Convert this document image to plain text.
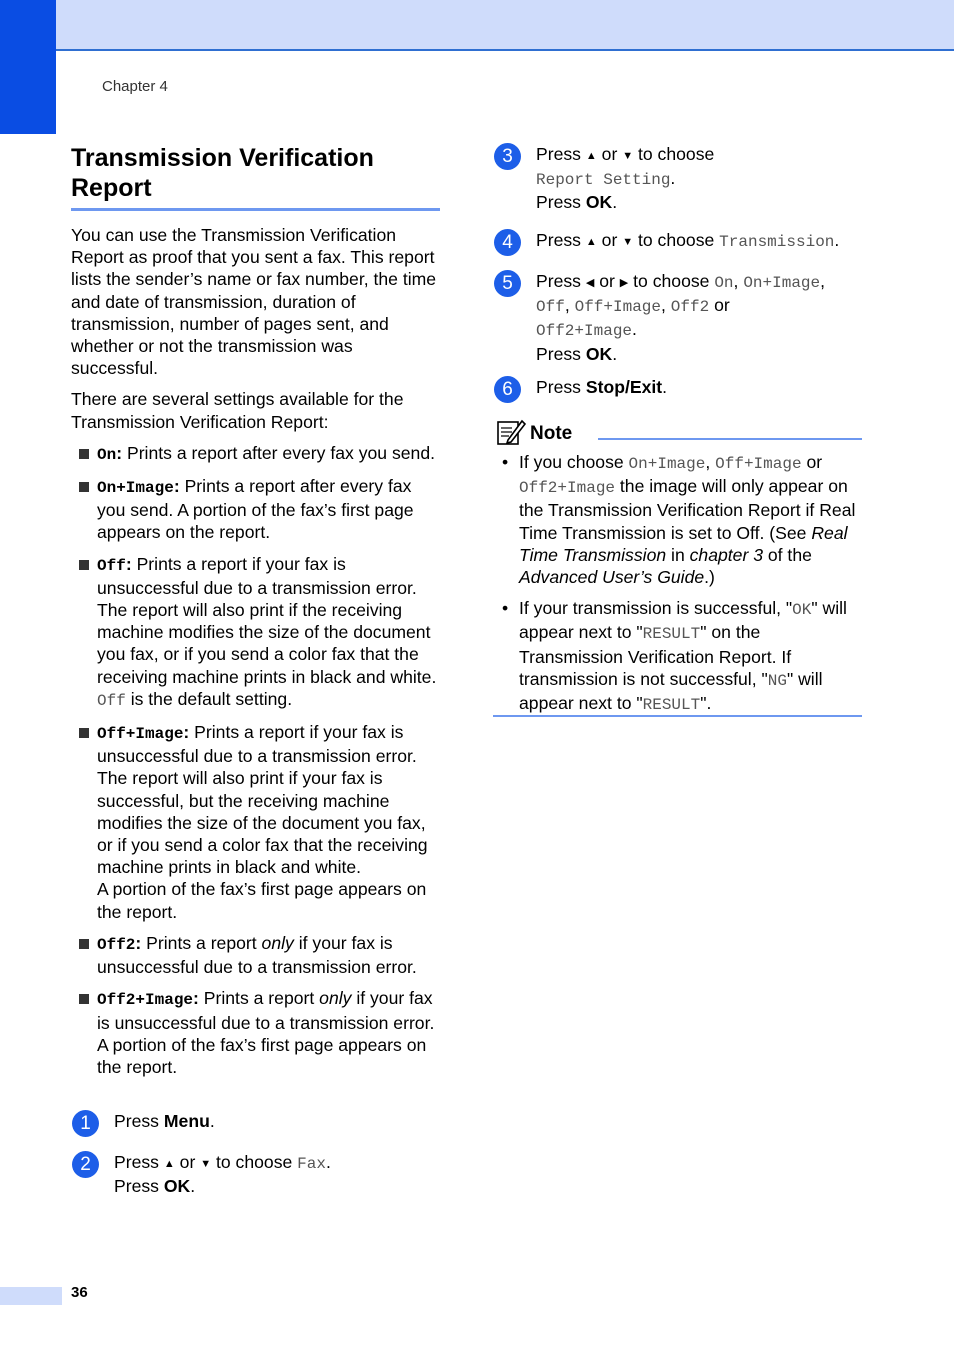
Chapter 4
Transmission Verification Report

You can use the Transmission Verification Report as proof that you sent a fax. This report lists the sender’s name or fax number, the time and date of transmission, duration of transmission, number of pages sent, and whether or not the transmission was successful.

There are several settings available for the Transmission Verification Report:

On: Prints a report after every fax you send.
On+Image: Prints a report after every fax you send. A portion of the fax’s first page appears on the report.
Off: Prints a report if your fax is unsuccessful due to a transmission error. The report will also print if the receiving machine modifies the size of the document you fax, or if you send a color fax that the receiving machine prints in black and white. Off is the default setting.
Off+Image: Prints a report if your fax is unsuccessful due to a transmission error. The report will also print if your fax is successful, but the receiving machine modifies the size of the document you fax, or if you send a color fax that the receiving machine prints in black and white.
A portion of the fax’s first page appears on the report.
Off2: Prints a report only if your fax is unsuccessful due to a transmission error.
Off2+Image: Prints a report only if your fax is unsuccessful due to a transmission error. A portion of the fax’s first page appears on the report.
1	Press Menu.
2	Press ▲ or ▼ to choose Fax.
Press OK.
3	Press ▲ or ▼ to choose
Report Setting.
Press OK.
4	Press ▲ or ▼ to choose Transmission.
5	Press ◀ or ▶ to choose On, On+Image,
Off, Off+Image, Off2 or
Off2+Image.
Press OK.
6	Press Stop/Exit.
Note
• If you choose On+Image, Off+Image or Off2+Image the image will only appear on the Transmission Verification Report if Real Time Transmission is set to Off. (See Real Time Transmission in chapter 3 of the Advanced User’s Guide.)
• If your transmission is successful, "OK" will appear next to "RESULT" on the Transmission Verification Report. If transmission is not successful, "NG" will appear next to "RESULT".
36
